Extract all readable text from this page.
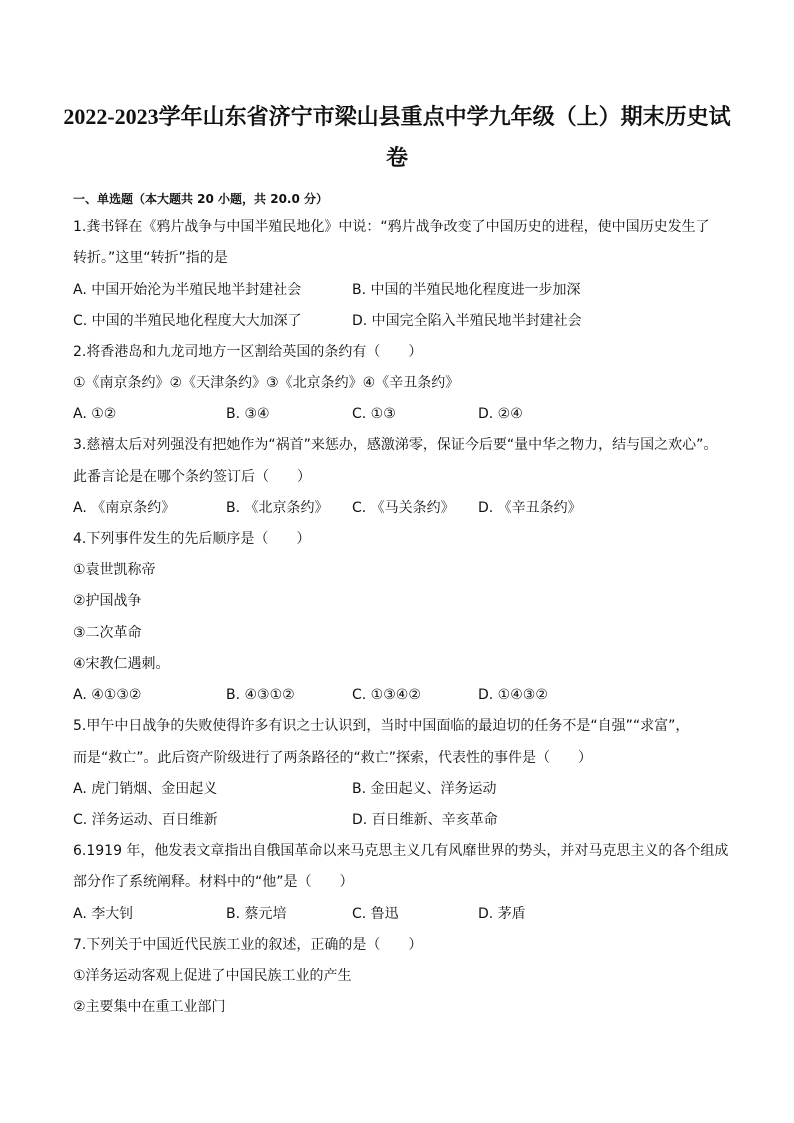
2022-2023学年山东省济宁市梁山县重点中学九年级（上）期末历史试
卷
一、单选题（本大题共 20 小题，共 20.0 分）
1.龚书铎在《鸦片战争与中国半殖民地化》中说：“鸦片战争改变了中国历史的进程，使中国历史发生了
转折。”这里“转折”指的是
A. 中国开始沦为半殖民地半封建社会	B. 中国的半殖民地化程度进一步加深
C. 中国的半殖民地化程度大大加深了	D. 中国完全陷入半殖民地半封建社会
2.将香港岛和九龙司地方一区割给英国的条约有（　　）
①《南京条约》②《天津条约》③《北京条约》④《辛丑条约》
A. ①②	B. ③④	C. ①③	D. ②④
3.慈禧太后对列强没有把她作为“祸首”来惩办，感激涕零，保证今后要“量中华之物力，结与国之欢心”。
此番言论是在哪个条约签订后（　　）
A. 《南京条约》	B. 《北京条约》 C. 《马关条约》 D. 《辛丑条约》
4.下列事件发生的先后顺序是（　　）
①袁世凯称帝
②护国战争
③二次革命
④宋教仁遇刺。
A. ④①③②	B. ④③①②	C. ①③④②	D. ①④③②
5.甲午中日战争的失败使得许多有识之士认识到，当时中国面临的最迫切的任务不是“自强”“求富”，
而是“救亡”。此后资产阶级进行了两条路径的“救亡”探索，代表性的事件是（　　）
A. 虎门销烟、金田起义	B. 金田起义、洋务运动
C. 洋务运动、百日维新	D. 百日维新、辛亥革命
6.1919 年，他发表文章指出自俄国革命以来马克思主义几有风靡世界的势头，并对马克思主义的各个组成
部分作了系统阐释。材料中的“他”是（　　）
A. 李大钊	B. 蔡元培	C. 鲁迅	D. 茅盾
7.下列关于中国近代民族工业的叙述，正确的是（　　）
①洋务运动客观上促进了中国民族工业的产生
②主要集中在重工业部门
